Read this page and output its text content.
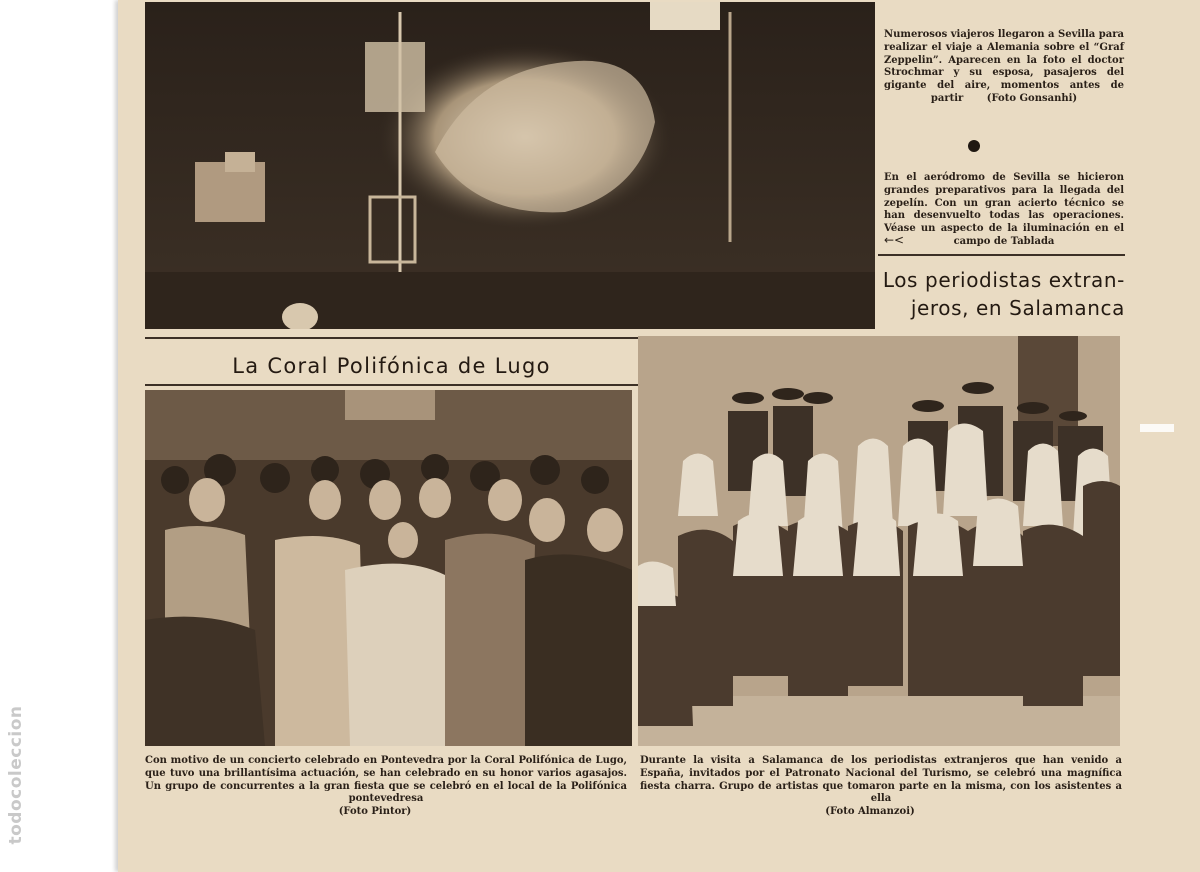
todocoleccion

Numerosos viajeros llegaron a Sevilla para realizar el viaje a Alemania sobre el “Graf Zeppelin”. Aparecen en la foto el doctor Strochmar y su esposa, pasajeros del gigante del aire, momentos antes de partir (Foto Gonsanhi)

En el aeródromo de Sevilla se hicieron grandes preparativos para la llegada del zepelín. Con un gran acierto técnico se han desenvuelto todas las operaciones. Véase un aspecto de la iluminación en el campo de Tablada

←<
Los periodistas extran-
jeros, en Salamanca
La Coral Polifónica de Lugo

Con motivo de un concierto celebrado en Pontevedra por la Coral Polifónica de Lugo, que tuvo una brillantísima actuación, se han celebrado en su honor varios agasajos. Un grupo de concurrentes a la gran fiesta que se celebró en el local de la Polifónica pontevedresa
(Foto Pintor)

Durante la visita a Salamanca de los periodistas extranjeros que han venido a España, invitados por el Patronato Nacional del Turismo, se celebró una magnífica fiesta charra. Grupo de artistas que tomaron parte en la misma, con los asistentes a ella
(Foto Almanzoi)
